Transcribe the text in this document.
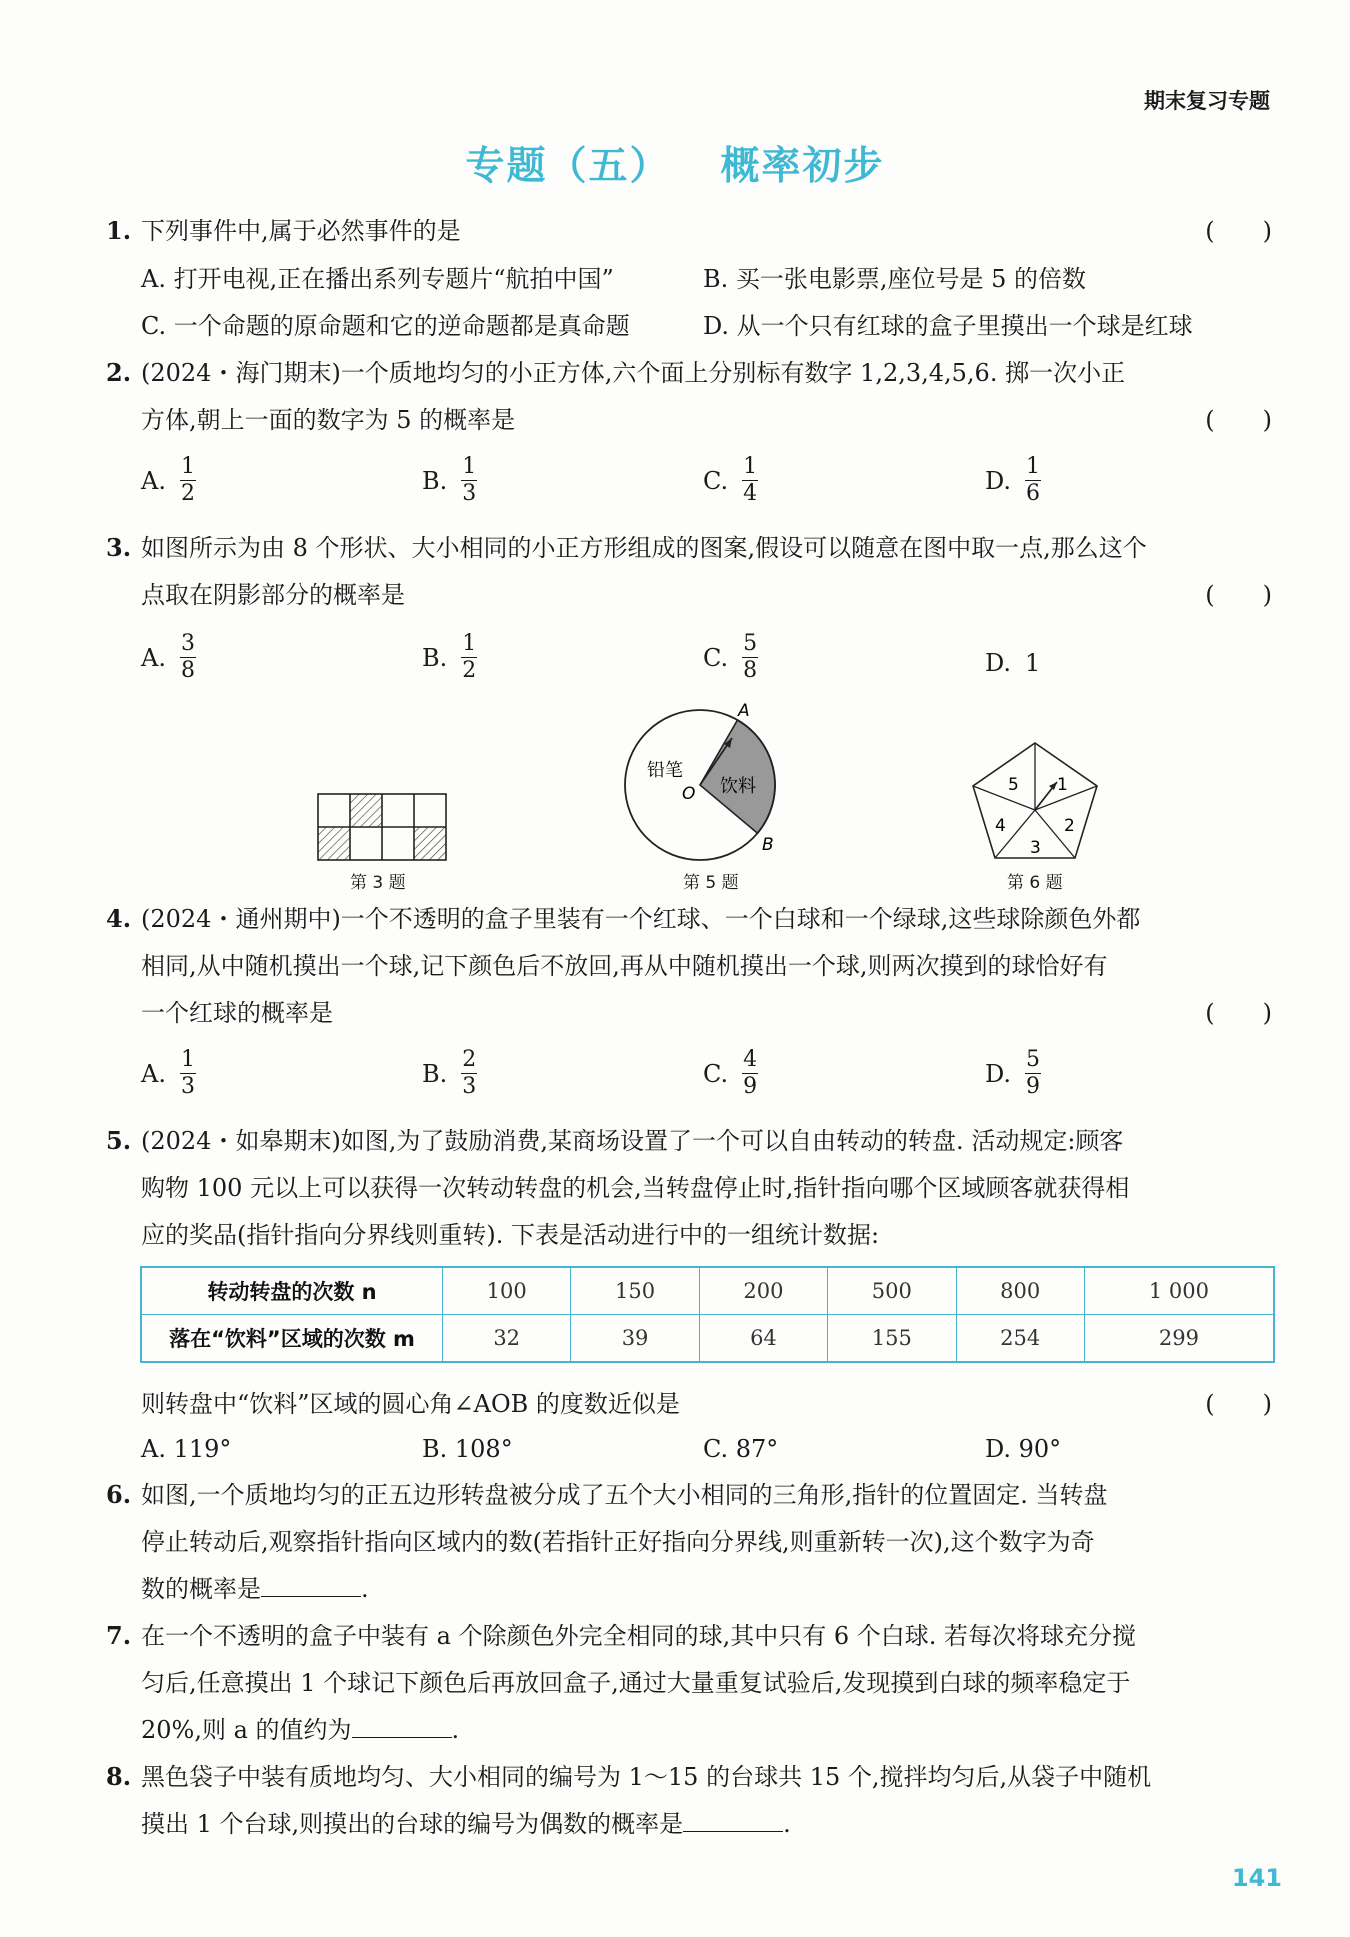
期末复习专题
专题（五） 概率初步
1. 下列事件中,属于必然事件的是	(　　)
A. 打开电视,正在播出系列专题片“航拍中国”	B. 买一张电影票,座位号是 5 的倍数
C. 一个命题的原命题和它的逆命题都是真命题	D. 从一个只有红球的盒子里摸出一个球是红球
2. (2024・海门期末)一个质地均匀的小正方体,六个面上分别标有数字 1,2,3,4,5,6. 掷一次小正
方体,朝上一面的数字为 5 的概率是	(　　)
A. $\frac{1}{2}$	B. $\frac{1}{3}$	C. $\frac{1}{4}$	D. $\frac{1}{6}$
3. 如图所示为由 8 个形状、大小相同的小正方形组成的图案,假设可以随意在图中取一点,那么这个
点取在阴影部分的概率是	(　　)
A. $\frac{3}{8}$	B. $\frac{1}{2}$	C. $\frac{5}{8}$	D. 1
第 3 题
铅笔
饮料
O
A
B
第 5 题
1
2
3
4
5
第 6 题
4. (2024・通州期中)一个不透明的盒子里装有一个红球、一个白球和一个绿球,这些球除颜色外都
相同,从中随机摸出一个球,记下颜色后不放回,再从中随机摸出一个球,则两次摸到的球恰好有
一个红球的概率是	(　　)
A. $\frac{1}{3}$	B. $\frac{2}{3}$	C. $\frac{4}{9}$	D. $\frac{5}{9}$
5. (2024・如皋期末)如图,为了鼓励消费,某商场设置了一个可以自由转动的转盘. 活动规定:顾客
购物 100 元以上可以获得一次转动转盘的机会,当转盘停止时,指针指向哪个区域顾客就获得相
应的奖品(指针指向分界线则重转). 下表是活动进行中的一组统计数据:
转动转盘的次数 n	100	150	200	500	800	1 000
落在“饮料”区域的次数 m	32	39	64	155	254	299
则转盘中“饮料”区域的圆心角∠AOB 的度数近似是	(　　)
A. 119°	B. 108°	C. 87°	D. 90°
6. 如图,一个质地均匀的正五边形转盘被分成了五个大小相同的三角形,指针的位置固定. 当转盘
停止转动后,观察指针指向区域内的数(若指针正好指向分界线,则重新转一次),这个数字为奇
数的概率是	.
7. 在一个不透明的盒子中装有 a 个除颜色外完全相同的球,其中只有 6 个白球. 若每次将球充分搅
匀后,任意摸出 1 个球记下颜色后再放回盒子,通过大量重复试验后,发现摸到白球的频率稳定于
20%,则 a 的值约为	.
8. 黑色袋子中装有质地均匀、大小相同的编号为 1～15 的台球共 15 个,搅拌均匀后,从袋子中随机
摸出 1 个台球,则摸出的台球的编号为偶数的概率是	.
141
